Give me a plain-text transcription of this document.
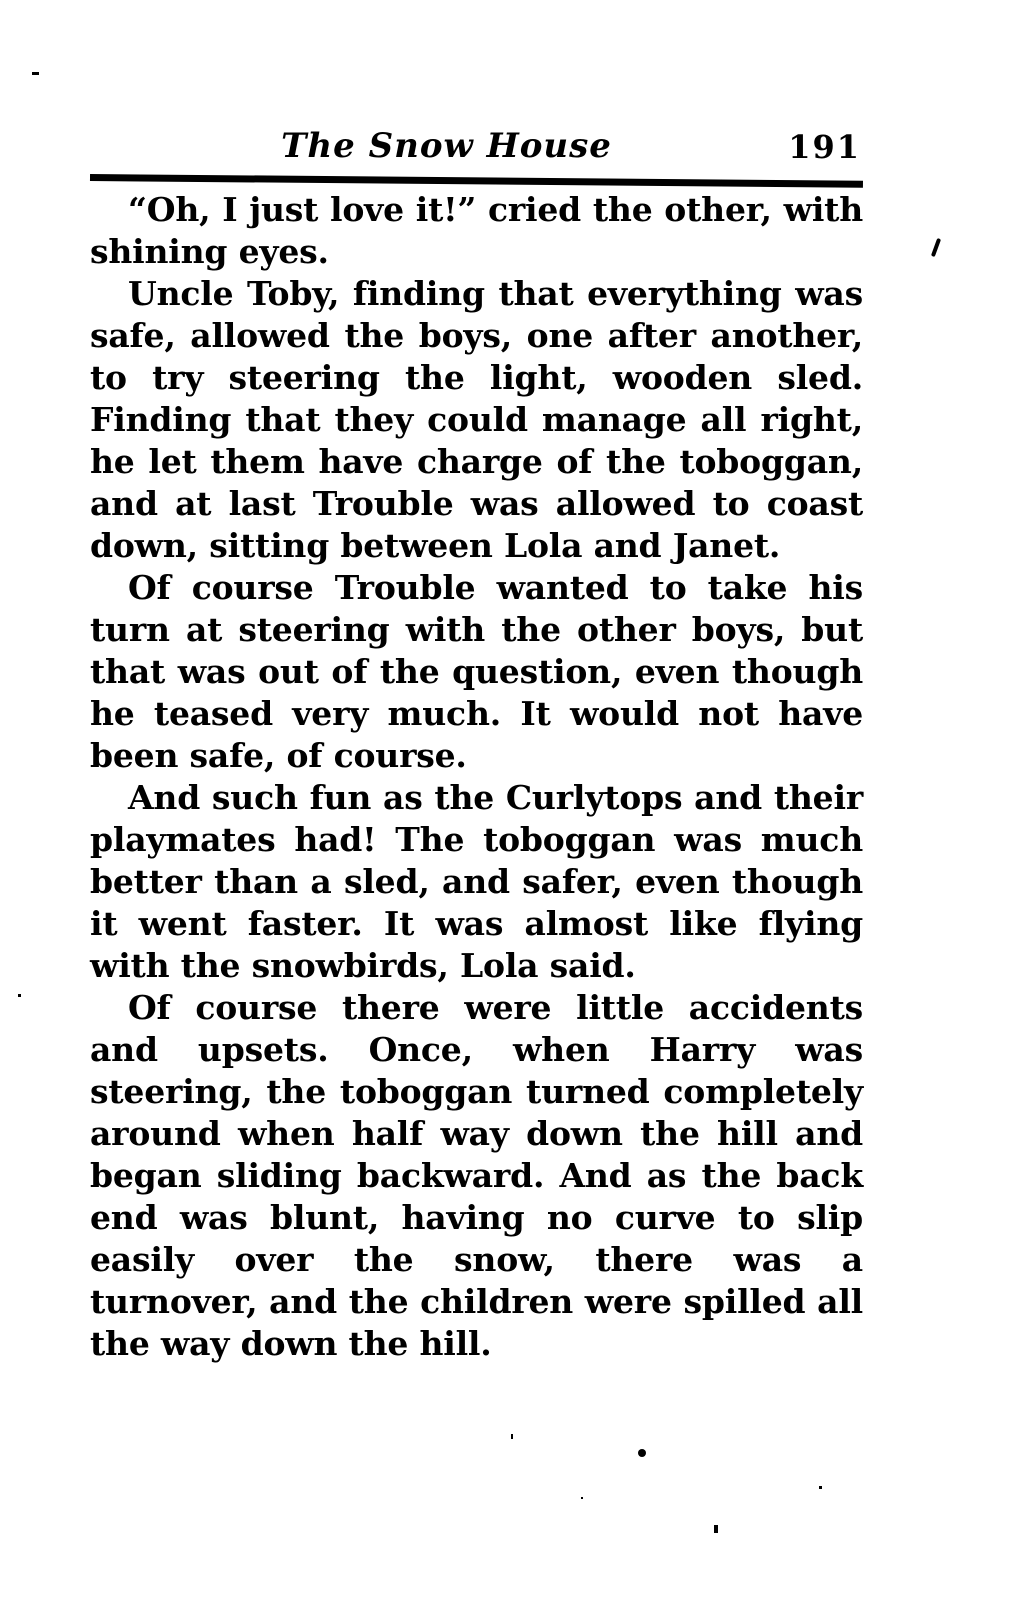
The Snow House	191

“Oh, I just love it!” cried the other, with shining eyes.

Uncle Toby, finding that everything was safe, allowed the boys, one after another, to try steering the light, wooden sled. Finding that they could manage all right, he let them have charge of the toboggan, and at last Trouble was allowed to coast down, sitting between Lola and Janet.

Of course Trouble wanted to take his turn at steering with the other boys, but that was out of the question, even though he teased very much. It would not have been safe, of course.

And such fun as the Curlytops and their playmates had! The toboggan was much better than a sled, and safer, even though it went faster. It was almost like flying with the snowbirds, Lola said.

Of course there were little accidents and upsets. Once, when Harry was steering, the toboggan turned completely around when half way down the hill and began sliding backward. And as the back end was blunt, having no curve to slip easily over the snow, there was a turnover, and the children were spilled all the way down the hill.
